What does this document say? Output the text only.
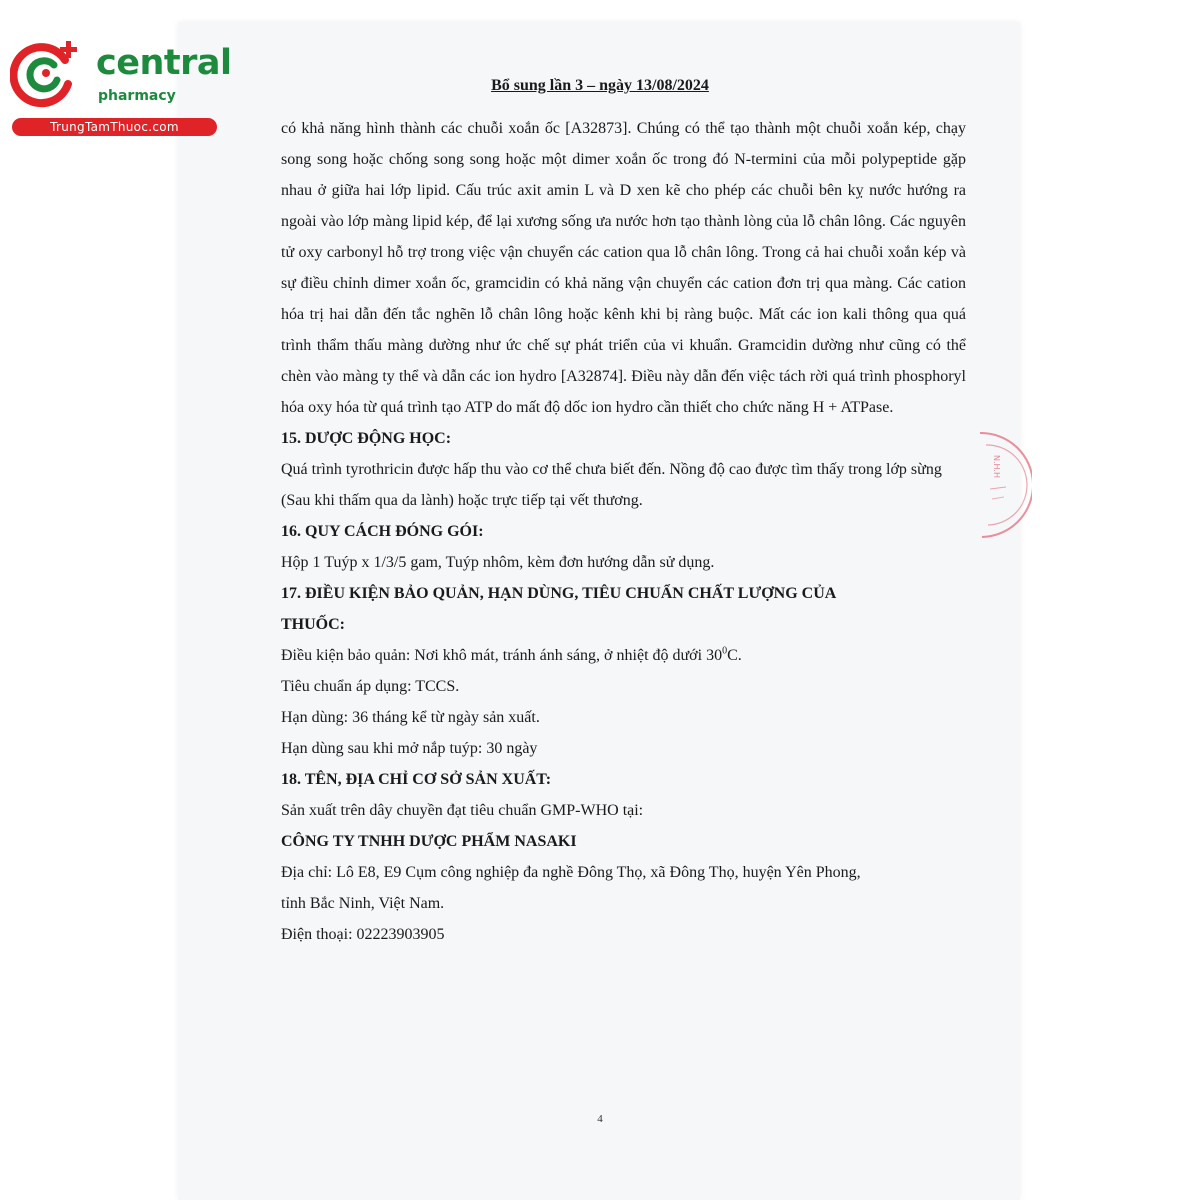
central
pharmacy
TrungTamThuoc.com
Bổ sung lần 3 – ngày 13/08/2024

có khả năng hình thành các chuỗi xoắn ốc [A32873]. Chúng có thể tạo thành một chuỗi xoắn kép, chạy song song hoặc chống song song hoặc một dimer xoắn ốc trong đó N-termini của mỗi polypeptide gặp nhau ở giữa hai lớp lipid. Cấu trúc axit amin L và D xen kẽ cho phép các chuỗi bên kỵ nước hướng ra ngoài vào lớp màng lipid kép, để lại xương sống ưa nước hơn tạo thành lòng của lỗ chân lông. Các nguyên tử oxy carbonyl hỗ trợ trong việc vận chuyển các cation qua lỗ chân lông. Trong cả hai chuỗi xoắn kép và sự điều chỉnh dimer xoắn ốc, gramcidin có khả năng vận chuyển các cation đơn trị qua màng. Các cation hóa trị hai dẫn đến tắc nghẽn lỗ chân lông hoặc kênh khi bị ràng buộc. Mất các ion kali thông qua quá trình thẩm thấu màng dường như ức chế sự phát triển của vi khuẩn. Gramcidin dường như cũng có thể chèn vào màng ty thể và dẫn các ion hydro [A32874]. Điều này dẫn đến việc tách rời quá trình phosphoryl hóa oxy hóa từ quá trình tạo ATP do mất độ dốc ion hydro cần thiết cho chức năng H + ATPase.

15. DƯỢC ĐỘNG HỌC:

Quá trình tyrothricin được hấp thu vào cơ thể chưa biết đến. Nồng độ cao được tìm thấy trong lớp sừng (Sau khi thấm qua da lành) hoặc trực tiếp tại vết thương.

16. QUY CÁCH ĐÓNG GÓI:

Hộp 1 Tuýp x 1/3/5 gam, Tuýp nhôm, kèm đơn hướng dẫn sử dụng.

17. ĐIỀU KIỆN BẢO QUẢN, HẠN DÙNG, TIÊU CHUẨN CHẤT LƯỢNG CỦA
THUỐC:

Điều kiện bảo quản: Nơi khô mát, tránh ánh sáng, ở nhiệt độ dưới $30^0C$.

Tiêu chuẩn áp dụng: TCCS.

Hạn dùng: 36 tháng kể từ ngày sản xuất.

Hạn dùng sau khi mở nắp tuýp: 30 ngày

18. TÊN, ĐỊA CHỈ CƠ SỞ SẢN XUẤT:

Sản xuất trên dây chuyền đạt tiêu chuẩn GMP-WHO tại:

CÔNG TY TNHH DƯỢC PHẨM NASAKI

Địa chỉ: Lô E8, E9 Cụm công nghiệp đa nghề Đông Thọ, xã Đông Thọ, huyện Yên Phong,

tỉnh Bắc Ninh, Việt Nam.

Điện thoại: 02223903905

4
N.H.H
